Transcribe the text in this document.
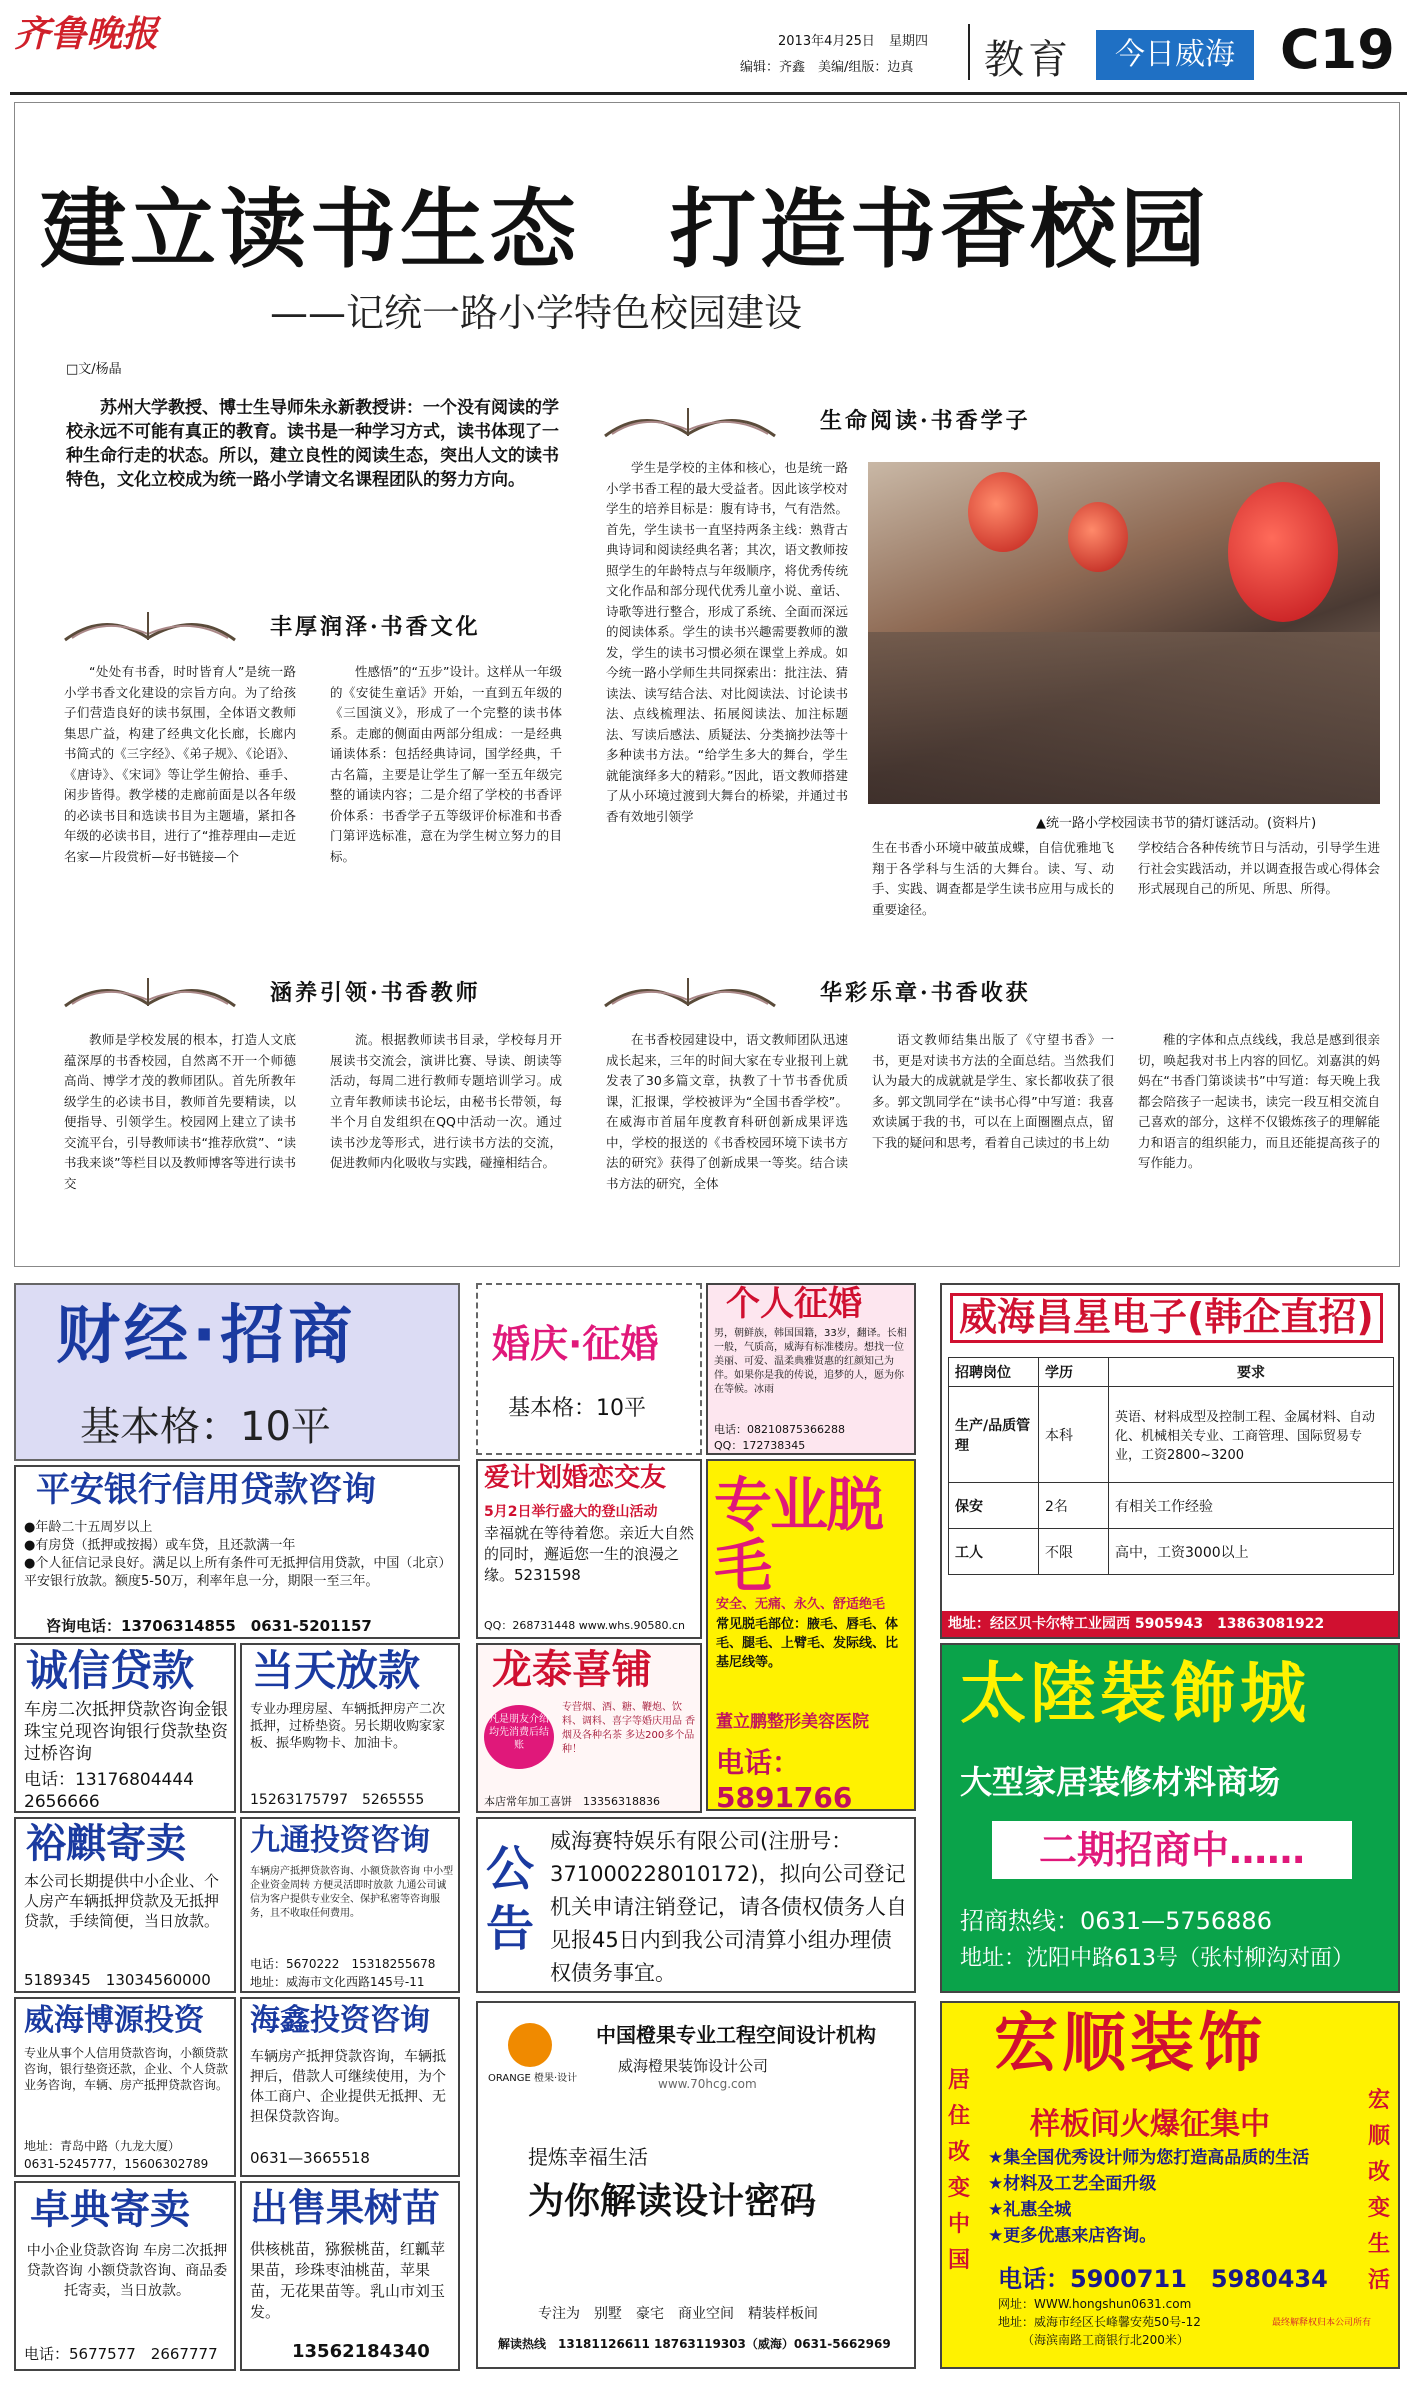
齐鲁晚报	2013年4月25日 星期四
编辑：齐鑫　美编/组版：边真 教育	今日威海 C19
建立读书生态　打造书香校园
——记统一路小学特色校园建设
□文/杨晶

苏州大学教授、博士生导师朱永新教授讲：一个没有阅读的学校永远不可能有真正的教育。读书是一种学习方式，读书体现了一种生命行走的状态。所以，建立良性的阅读生态，突出人文的读书特色，文化立校成为统一路小学请文名课程团队的努力方向。

丰厚润泽·书香文化

“处处有书香，时时皆育人”是统一路小学书香文化建设的宗旨方向。为了给孩子们营造良好的读书氛围，全体语文教师集思广益，构建了经典文化长廊，长廊内书简式的《三字经》、《弟子规》、《论语》、《唐诗》、《宋词》等让学生俯拾、垂手、闲步皆得。教学楼的走廊前面是以各年级的必读书目和选读书目为主题墙，紧扣各年级的必读书目，进行了“推荐理由—走近名家—片段赏析—好书链接—个

性感悟”的“五步”设计。这样从一年级的《安徒生童话》开始，一直到五年级的《三国演义》，形成了一个完整的读书体系。走廊的侧面由两部分组成：一是经典诵读体系：包括经典诗词，国学经典，千古名篇，主要是让学生了解一至五年级完整的诵读内容；二是介绍了学校的书香评价体系：书香学子五等级评价标准和书香门第评选标准，意在为学生树立努力的目标。

涵养引领·书香教师

教师是学校发展的根本，打造人文底蕴深厚的书香校园，自然离不开一个师德高尚、博学才茂的教师团队。首先所教年级学生的必读书目，教师首先要精读，以便指导、引领学生。校园网上建立了读书交流平台，引导教师读书“推荐欣赏”、“读书我来谈”等栏目以及教师博客等进行读书交

流。根据教师读书目录，学校每月开展读书交流会，演讲比赛、导读、朗读等活动，每周二进行教师专题培训学习。成立青年教师读书论坛，由秘书长带领，每半个月自发组织在QQ中活动一次。通过读书沙龙等形式，进行读书方法的交流，促进教师内化吸收与实践，碰撞相结合。

生命阅读·书香学子

学生是学校的主体和核心，也是统一路小学书香工程的最大受益者。因此该学校对学生的培养目标是：腹有诗书，气有浩然。首先，学生读书一直坚持两条主线：熟背古典诗词和阅读经典名著；其次，语文教师按照学生的年龄特点与年级顺序，将优秀传统文化作品和部分现代优秀儿童小说、童话、诗歌等进行整合，形成了系统、全面而深远的阅读体系。学生的读书兴趣需要教师的激发，学生的读书习惯必须在课堂上养成。如今统一路小学师生共同探索出：批注法、猜读法、读写结合法、对比阅读法、讨论读书法、点线梳理法、拓展阅读法、加注标题法、写读后感法、质疑法、分类摘抄法等十多种读书方法。“给学生多大的舞台，学生就能演绎多大的精彩。”因此，语文教师搭建了从小环境过渡到大舞台的桥梁，并通过书香有效地引领学	▲统一路小学校园读书节的猜灯谜活动。(资料片)

生在书香小环境中破茧成蝶，自信优雅地飞翔于各学科与生活的大舞台。读、写、动手、实践、调查都是学生读书应用与成长的重要途径。

学校结合各种传统节日与活动，引导学生进行社会实践活动，并以调查报告或心得体会形式展现自己的所见、所思、所得。

华彩乐章·书香收获

在书香校园建设中，语文教师团队迅速成长起来，三年的时间大家在专业报刊上就发表了30多篇文章，执教了十节书香优质课，汇报课，学校被评为“全国书香学校”。在威海市首届年度教育科研创新成果评选中，学校的报送的《书香校园环境下读书方法的研究》获得了创新成果一等奖。结合读书方法的研究，全体

语文教师结集出版了《守望书香》一书，更是对读书方法的全面总结。当然我们认为最大的成就就是学生、家长都收获了很多。郭文凯同学在“读书心得”中写道：我喜欢读属于我的书，可以在上面圈圈点点，留下我的疑问和思考，看着自己读过的书上幼

稚的字体和点点线线，我总是感到很亲切，唤起我对书上内容的回忆。刘嘉淇的妈妈在“书香门第谈读书”中写道：每天晚上我都会陪孩子一起读书，读完一段互相交流自己喜欢的部分，这样不仅锻炼孩子的理解能力和语言的组织能力，而且还能提高孩子的写作能力。

财经·招商
基本格：10平
平安银行信用贷款咨询
●年龄二十五周岁以上
●有房贷（抵押或按揭）或车贷，且还款满一年
●个人征信记录良好。满足以上所有条件可无抵押信用贷款，中国（北京）平安银行放款。额度5-50万，利率年息一分，期限一至三年。
咨询电话：13706314855　0631-5201157
诚信贷款
车房二次抵押贷款咨询金银珠宝兑现咨询银行贷款垫资过桥咨询
电话：13176804444　　　2656666
当天放款
专业办理房屋、车辆抵押房产二次抵押，过桥垫资。另长期收购家家板、振华购物卡、加油卡。
15263175797　5265555
裕麒寄卖
本公司长期提供中小企业、个人房产车辆抵押贷款及无抵押贷款，手续简便，当日放款。
5189345　13034560000
九通投资咨询
车辆房产抵押贷款咨询、小额贷款咨询 中小型企业资金周转 方便灵活即时放款 九通公司诚信为客户提供专业安全、保护私密等咨询服务，且不收取任何费用。
电话：5670222　15318255678
地址：威海市文化西路145号-11
威海博源投资
专业从事个人信用贷款咨询，小额贷款咨询，银行垫资还款，企业、个人贷款业务咨询，车辆、房产抵押贷款咨询。
地址：青岛中路（九龙大厦）
0631-5245777，15606302789
海鑫投资咨询
车辆房产抵押贷款咨询，车辆抵押后，借款人可继续使用，为个体工商户、企业提供无抵押、无担保贷款咨询。
0631—3665518
卓典寄卖
中小企业贷款咨询 车房二次抵押贷款咨询 小额贷款咨询、商品委托寄卖，当日放款。
电话：5677577　2667777
出售果树苗
供核桃苗，猕猴桃苗，红瓤苹果苗，珍珠枣油桃苗，苹果苗，无花果苗等。乳山市刘玉发。
13562184340
婚庆·征婚
基本格：10平
个人征婚
男，朝鲜族，韩国国籍，33岁，翻译。长相一般，气质高，威海有标准楼房。想找一位美丽、可爱、温柔典雅贤惠的红颜知己为伴。如果你是我的传说，追梦的人，愿为你在等候。冰雨
电话：08210875366288
QQ：172738345
爱计划婚恋交友
5月2日举行盛大的登山活动
幸福就在等待着您。亲近大自然的同时，邂逅您一生的浪漫之缘。5231598
QQ：268731448 www.whs.90580.cn
专业脱毛
安全、无痛、永久、舒适绝毛
常见脱毛部位：腋毛、唇毛、体毛、腿毛、上臂毛、发际线、比基尼线等。
董立鹏整形美容医院
电话：5891766
龙泰喜铺
凡是朋友介绍均先消费后结账
专营烟、酒、糖、鞭炮、饮料、调料、喜字等婚庆用品 香烟及各种名茶 多达200多个品种！
本店常年加工喜饼　13356318836
公告
威海赛特娱乐有限公司(注册号：371000228010172)，拟向公司登记机关申请注销登记，请各债权债务人自见报45日内到我公司清算小组办理债权债务事宜。
ORANGE 橙果·设计
中国橙果专业工程空间设计机构
威海橙果装饰设计公司
www.70hcg.com
提炼幸福生活
为你解读设计密码
专注为　别墅　豪宅　商业空间　精装样板间
解读热线　13181126611 18763119303（威海）0631-5662969
威海昌星电子(韩企直招)
招聘岗位	学历	要求
生产/品质管理	本科	英语、材料成型及控制工程、金属材料、自动化、机械相关专业、工商管理、国际贸易专业，工资2800~3200
保安	2名	有相关工作经验
工人	不限	高中，工资3000以上
地址：经区贝卡尔特工业园西 5905943　13863081922
太陸裝飾城
大型家居装修材料商场
二期招商中……
招商热线：0631—5756886
地址：沈阳中路613号（张村柳沟对面）
宏顺装饰
样板间火爆征集中
居住改变中国
宏顺改变生活
★集全国优秀设计师为您打造高品质的生活
★材料及工艺全面升级
★礼惠全城
★更多优惠来店咨询。
电话：5900711　5980434
网址：WWW.hongshun0631.com
地址：威海市经区长峰馨安苑50号-12
（海滨南路工商银行北200米）
最终解释权归本公司所有
